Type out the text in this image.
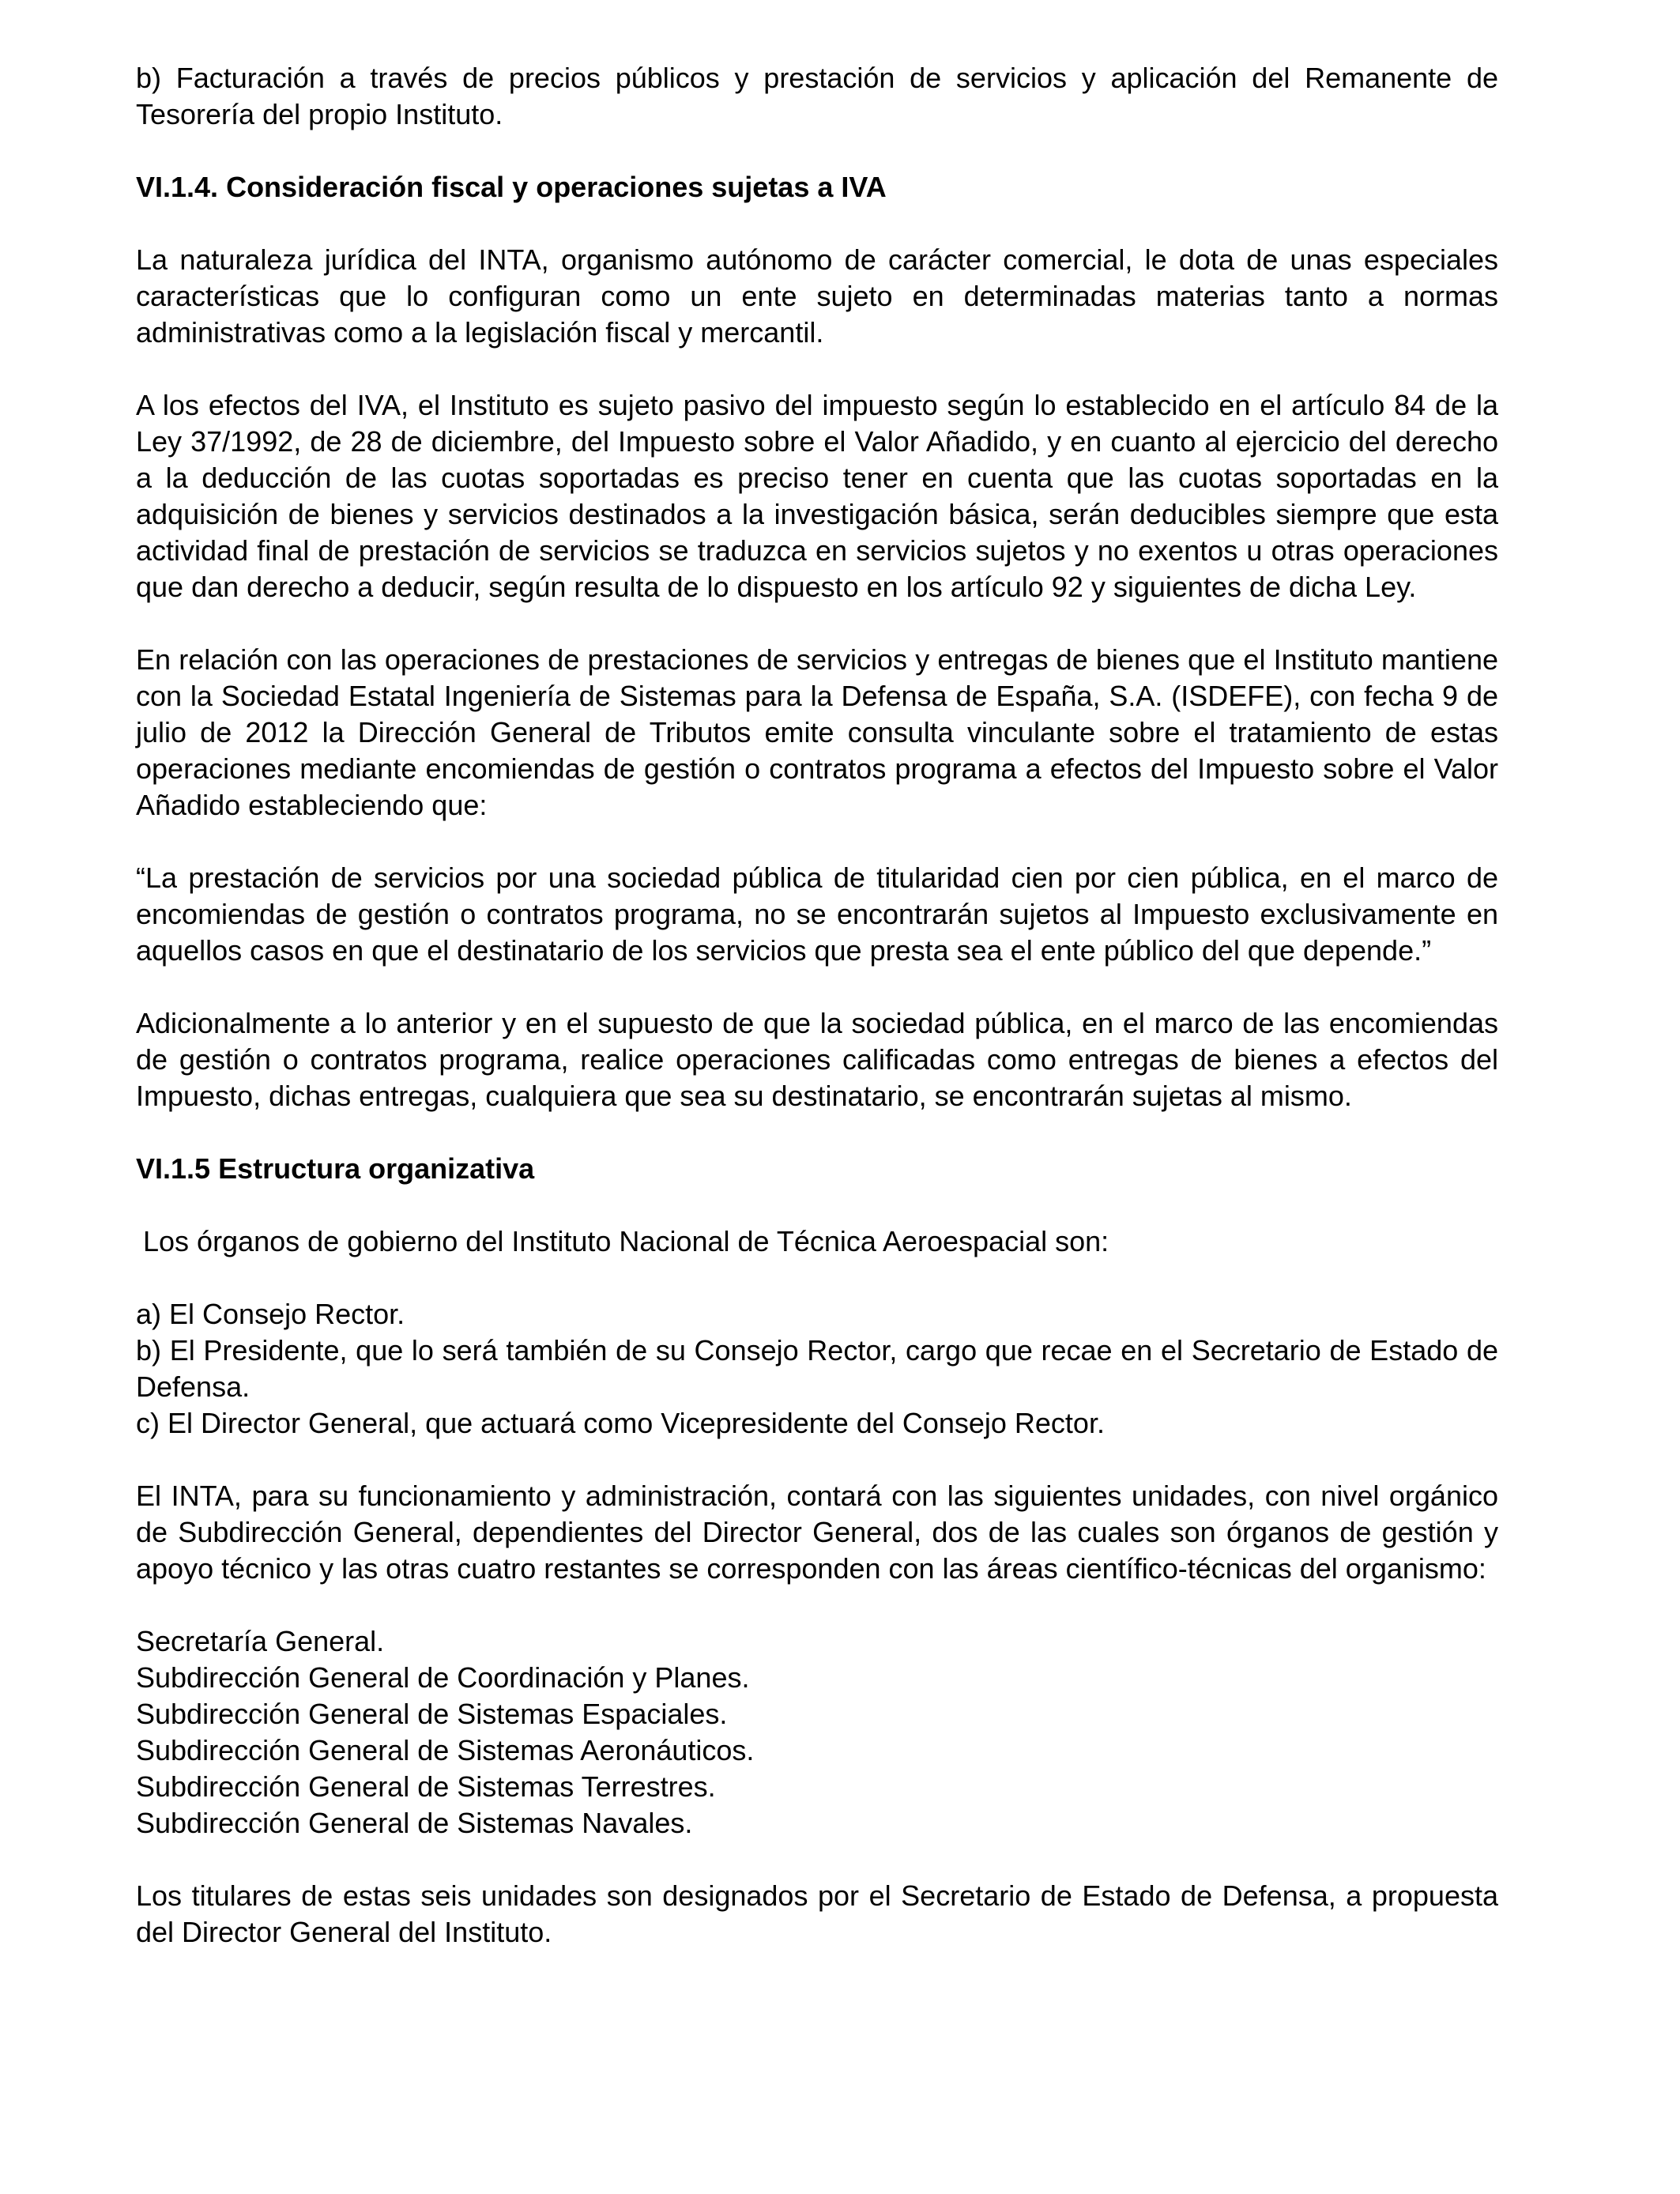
b) Facturación a través de precios públicos y prestación de servicios y aplicación del Remanente de Tesorería del propio Instituto.

VI.1.4. Consideración fiscal y operaciones sujetas a IVA

La naturaleza jurídica del INTA, organismo autónomo de carácter comercial, le dota de unas especiales características que lo configuran como un ente sujeto en determinadas materias tanto a normas administrativas como a la legislación fiscal y mercantil.

A los efectos del IVA, el Instituto es sujeto pasivo del impuesto según lo establecido en el artículo 84 de la Ley 37/1992, de 28 de diciembre, del Impuesto sobre el Valor Añadido, y en cuanto al ejercicio del derecho a la deducción de las cuotas soportadas es preciso tener en cuenta que las cuotas soportadas en la adquisición de bienes y servicios destinados a la investigación básica, serán deducibles siempre que esta actividad final de prestación de servicios se traduzca en servicios sujetos y no exentos u otras operaciones que dan derecho a deducir, según resulta de lo dispuesto en los artículo 92 y siguientes de dicha Ley.

En relación con las operaciones de prestaciones de servicios y entregas de bienes que el Instituto mantiene con la Sociedad Estatal Ingeniería de Sistemas para la Defensa de España, S.A. (ISDEFE), con fecha 9 de julio de 2012 la Dirección General de Tributos emite consulta vinculante sobre el tratamiento de estas operaciones mediante encomiendas de gestión o contratos programa a efectos del Impuesto sobre el Valor Añadido estableciendo que:

“La prestación de servicios por una sociedad pública de titularidad cien por cien pública, en el marco de encomiendas de gestión o contratos programa, no se encontrarán sujetos al Impuesto exclusivamente en aquellos casos en que el destinatario de los servicios que presta sea el ente público del que depende.”

Adicionalmente a lo anterior y en el supuesto de que la sociedad pública, en el marco de las encomiendas de gestión o contratos programa, realice operaciones calificadas como entregas de bienes a efectos del Impuesto, dichas entregas, cualquiera que sea su destinatario, se encontrarán sujetas al mismo.

VI.1.5 Estructura organizativa

Los órganos de gobierno del Instituto Nacional de Técnica Aeroespacial son:

a) El Consejo Rector.

b) El Presidente, que lo será también de su Consejo Rector, cargo que recae en el Secretario de Estado de Defensa.

c) El Director General, que actuará como Vicepresidente del Consejo Rector.

El INTA, para su funcionamiento y administración, contará con las siguientes unidades, con nivel orgánico de Subdirección General, dependientes del Director General, dos de las cuales son órganos de gestión y apoyo técnico y las otras cuatro restantes se corresponden con las áreas científico-técnicas del organismo:

Secretaría General.

Subdirección General de Coordinación y Planes.

Subdirección General de Sistemas Espaciales.

Subdirección General de Sistemas Aeronáuticos.

Subdirección General de Sistemas Terrestres.

Subdirección General de Sistemas Navales.

Los titulares de estas seis unidades son designados por el Secretario de Estado de Defensa, a propuesta del Director General del Instituto.
